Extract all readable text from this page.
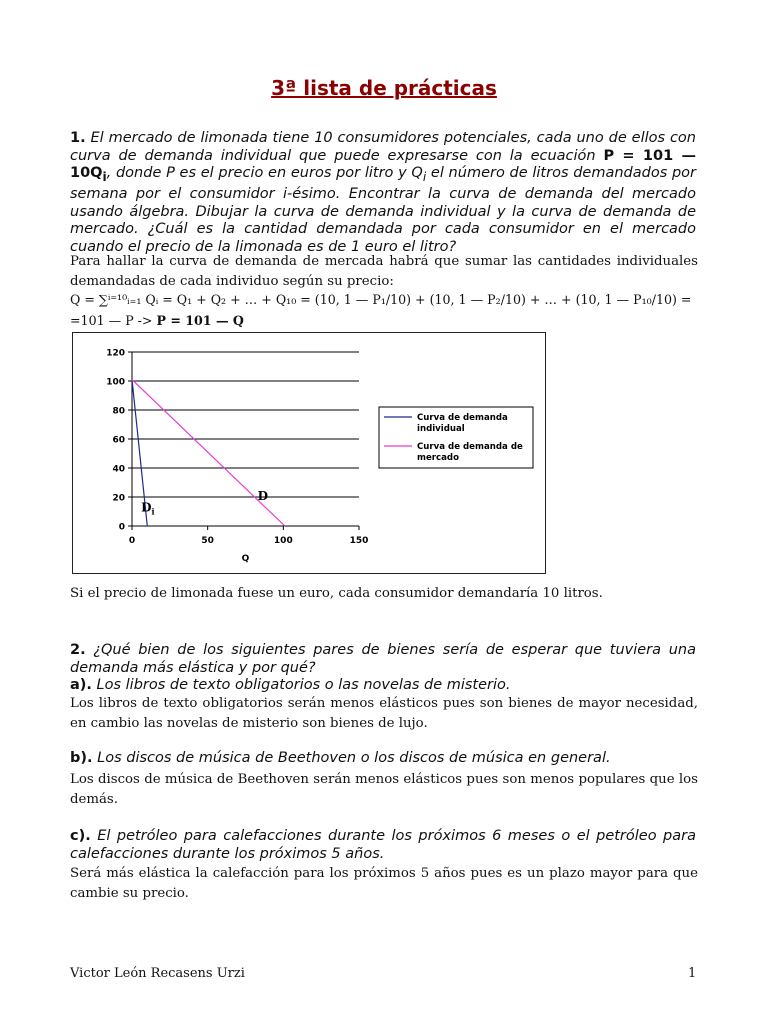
3ª lista de prácticas

1. El mercado de limonada tiene 10 consumidores potenciales, cada uno de ellos con curva de demanda individual que puede expresarse con la ecuación P = 101 — $10Q_i$, donde P es el precio en euros por litro y $Q_i$ el número de litros demandados por semana por el consumidor i-ésimo. Encontrar la curva de demanda del mercado usando álgebra. Dibujar la curva de demanda individual y la curva de demanda de mercado. ¿Cuál es la cantidad demandada por cada consumidor en el mercado cuando el precio de la limonada es de 1 euro el litro?

Para hallar la curva de demanda de mercada habrá que sumar las cantidades individuales demandadas de cada individuo según su precio:

Q = ∑ⁱ⁼¹⁰ᵢ₌₁ Qᵢ = Q₁ + Q₂ + … + Q₁₀ = (10, 1 — P₁/10) + (10, 1 — P₂/10) + … + (10, 1 — P₁₀/10) =

=101 — P -> P = 101 — Q

0
20
40
60
80
100
120
0	50	100	150
Q
D
$D_i$
Curva de demanda individual
Curva de demanda de mercado

Si el precio de limonada fuese un euro, cada consumidor demandaría 10 litros.

2. ¿Qué bien de los siguientes pares de bienes sería de esperar que tuviera una demanda más elástica y por qué?

a). Los libros de texto obligatorios o las novelas de misterio.

Los libros de texto obligatorios serán menos elásticos pues son bienes de mayor necesidad, en cambio las novelas de misterio son bienes de lujo.

b). Los discos de música de Beethoven o los discos de música en general.

Los discos de música de Beethoven serán menos elásticos pues son menos populares que los demás.

c). El petróleo para calefacciones durante los próximos 6 meses o el petróleo para calefacciones durante los próximos 5 años.

Será más elástica la calefacción para los próximos 5 años pues es un plazo mayor para que cambie su precio.

Victor León Recasens Urzi	1
